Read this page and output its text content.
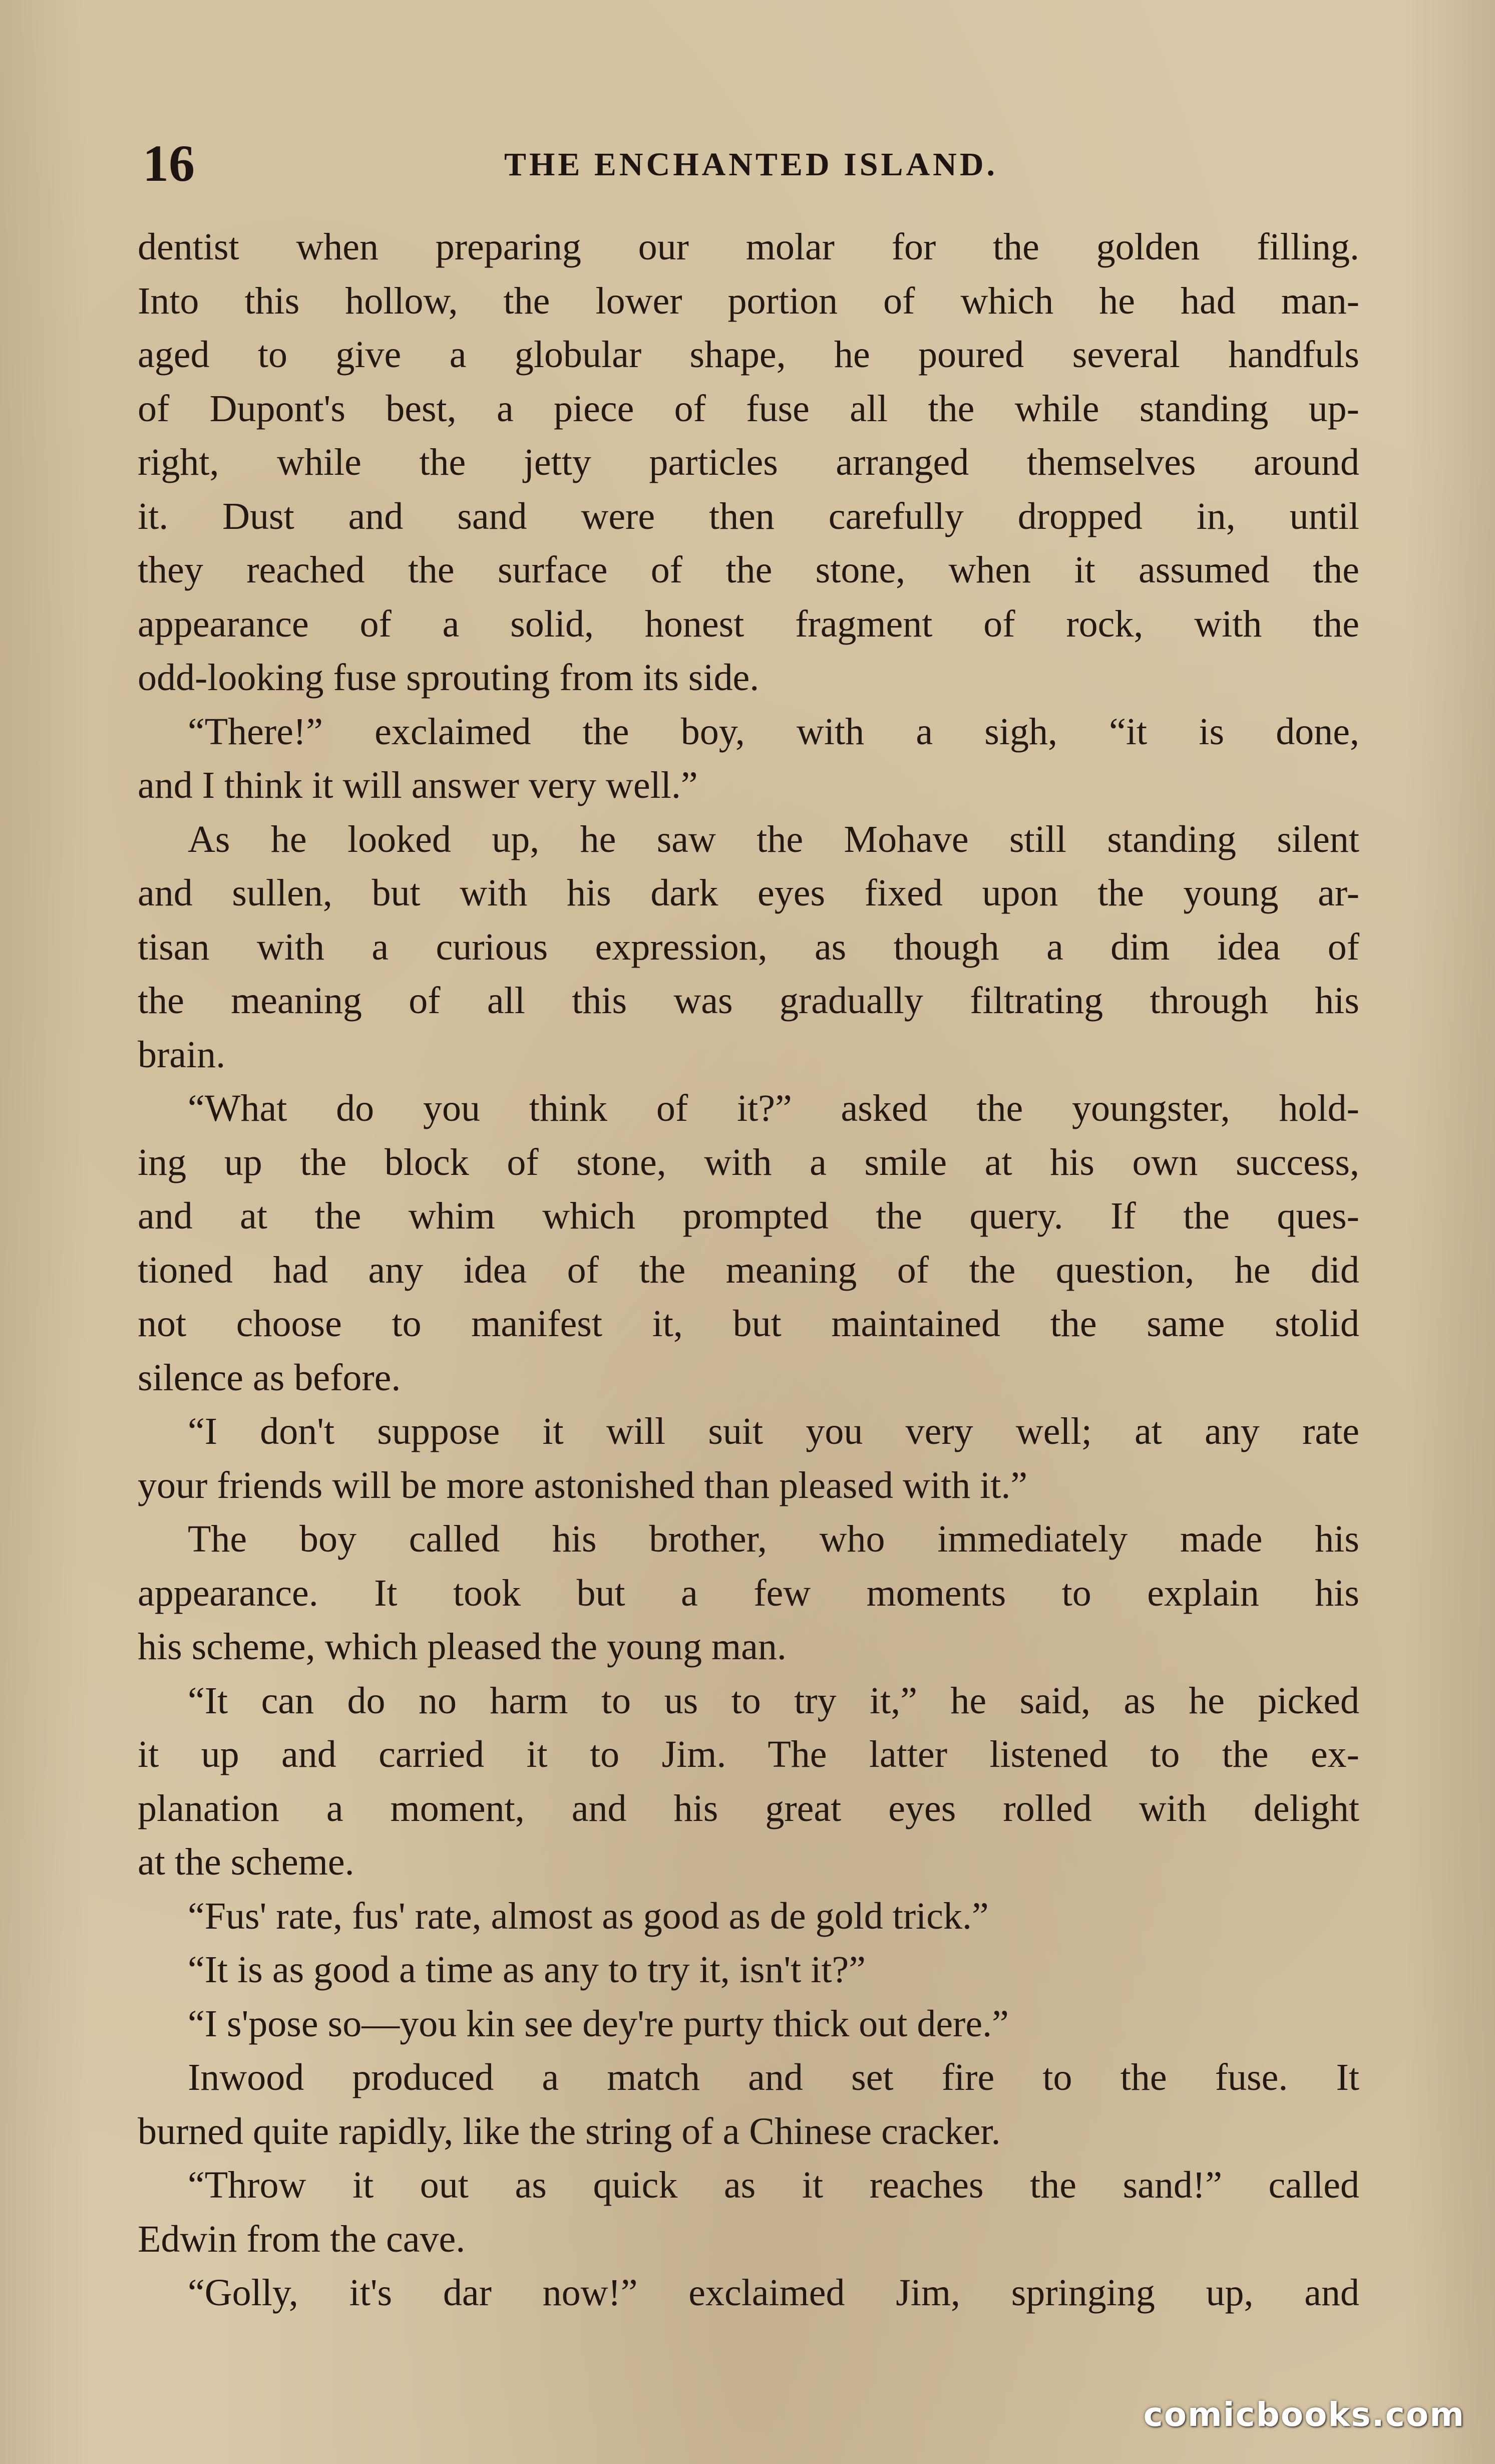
16	THE ENCHANTED ISLAND.
dentist when preparing our molar for the golden filling.
Into this hollow, the lower portion of which he had man-
aged to give a globular shape, he poured several handfuls
of Dupont's best, a piece of fuse all the while standing up-
right, while the jetty particles arranged themselves around
it. Dust and sand were then carefully dropped in, until
they reached the surface of the stone, when it assumed the
appearance of a solid, honest fragment of rock, with the
odd-looking fuse sprouting from its side.
“There!” exclaimed the boy, with a sigh, “it is done,
and I think it will answer very well.”
As he looked up, he saw the Mohave still standing silent
and sullen, but with his dark eyes fixed upon the young ar-
tisan with a curious expression, as though a dim idea of
the meaning of all this was gradually filtrating through his
brain.
“What do you think of it?” asked the youngster, hold-
ing up the block of stone, with a smile at his own success,
and at the whim which prompted the query. If the ques-
tioned had any idea of the meaning of the question, he did
not choose to manifest it, but maintained the same stolid
silence as before.
“I don't suppose it will suit you very well; at any rate
your friends will be more astonished than pleased with it.”
The boy called his brother, who immediately made his
appearance. It took but a few moments to explain his
his scheme, which pleased the young man.
“It can do no harm to us to try it,” he said, as he picked
it up and carried it to Jim. The latter listened to the ex-
planation a moment, and his great eyes rolled with delight
at the scheme.
“Fus' rate, fus' rate, almost as good as de gold trick.”
“It is as good a time as any to try it, isn't it?”
“I s'pose so—you kin see dey're purty thick out dere.”
Inwood produced a match and set fire to the fuse. It
burned quite rapidly, like the string of a Chinese cracker.
“Throw it out as quick as it reaches the sand!” called
Edwin from the cave.
“Golly, it's dar now!” exclaimed Jim, springing up, and
comicbooks.com
